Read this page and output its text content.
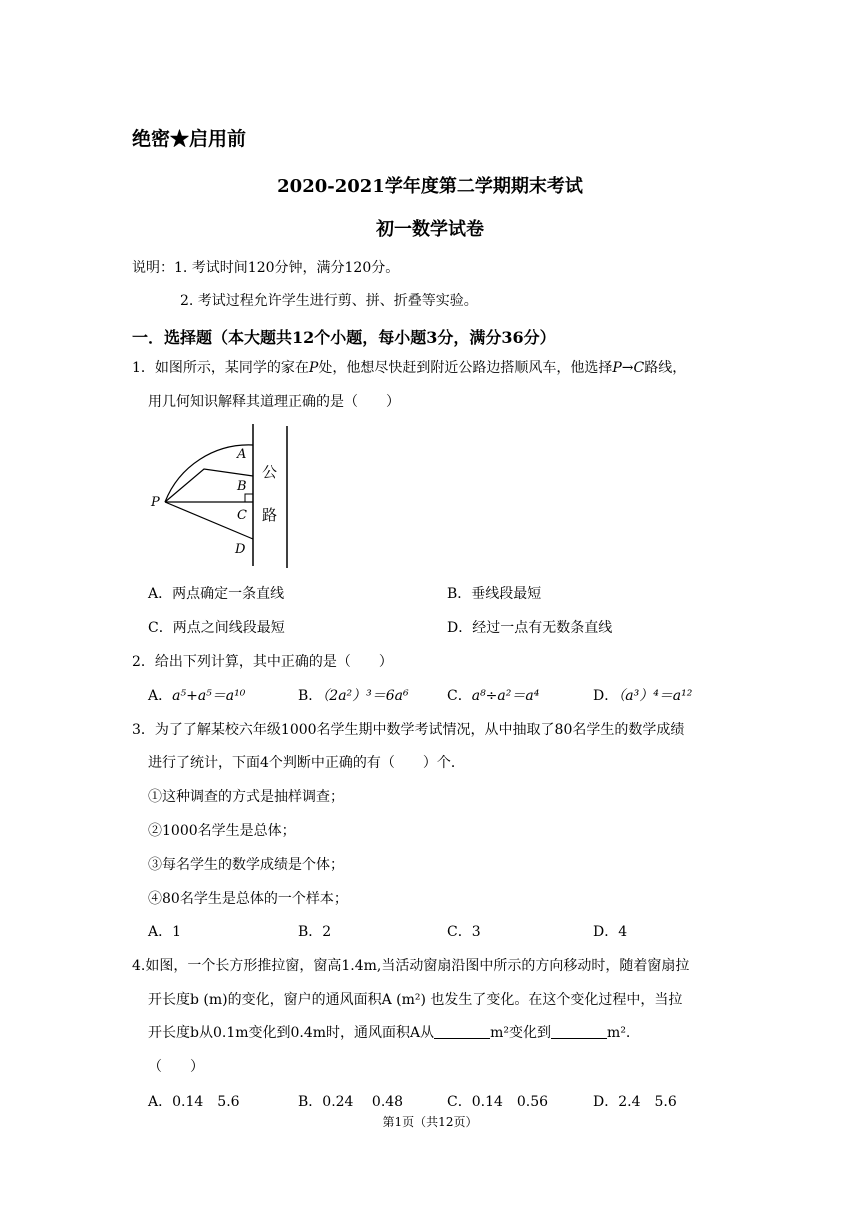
绝密★启用前
2020-2021学年度第二学期期末考试
初一数学试卷
说明：1. 考试时间120分钟，满分120分。
2. 考试过程允许学生进行剪、拼、折叠等实验。
一．选择题（本大题共12个小题，每小题3分，满分36分）
1．如图所示，某同学的家在P处，他想尽快赶到附近公路边搭顺风车，他选择P→C路线，
用几何知识解释其道理正确的是（　　）
A
B
C
D
P
公
路
A．两点确定一条直线	B．垂线段最短
C．两点之间线段最短	D．经过一点有无数条直线
2．给出下列计算，其中正确的是（　　）
A．a⁵+a⁵＝a¹⁰	B．（2a²）³＝6a⁶	C．a⁸÷a²＝a⁴	D．（a³）⁴＝a¹²
3．为了了解某校六年级1000名学生期中数学考试情况，从中抽取了80名学生的数学成绩
进行了统计，下面4个判断中正确的有（　　）个．
①这种调查的方式是抽样调查；
②1000名学生是总体；
③每名学生的数学成绩是个体；
④80名学生是总体的一个样本；
A．1	B．2	C．3	D．4
4.如图，一个长方形推拉窗，窗高1.4m,当活动窗扇沿图中所示的方向移动时，随着窗扇拉
开长度b (m)的变化，窗户的通风面积A (m²) 也发生了变化。在这个变化过程中，当拉
开长度b从0.1m变化到0.4m时，通风面积A从	m²变化到	m².
（　　）
A．0.14　5.6	B．0.24　 0.48	C．0.14　0.56	D．2.4　5.6
第1页（共12页）
